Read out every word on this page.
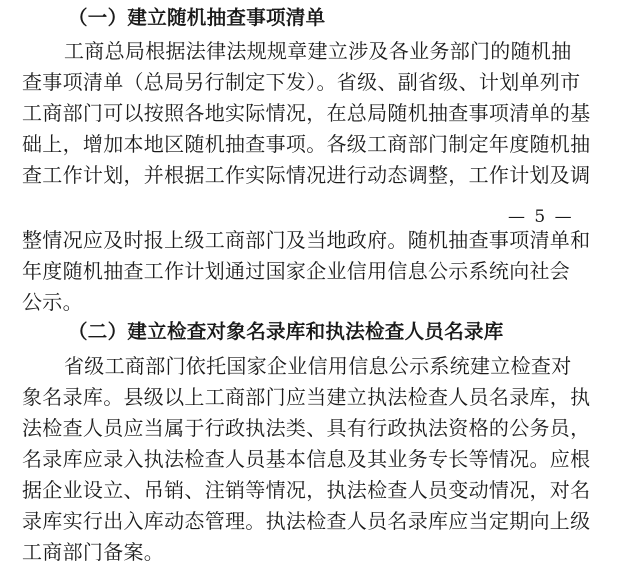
（一）建立随机抽查事项清单
工商总局根据法律法规规章建立涉及各业务部门的随机抽
查事项清单（总局另行制定下发）。省级、副省级、计划单列市
工商部门可以按照各地实际情况，在总局随机抽查事项清单的基
础上，增加本地区随机抽查事项。各级工商部门制定年度随机抽
查工作计划，并根据工作实际情况进行动态调整，工作计划及调
— 5 —
整情况应及时报上级工商部门及当地政府。随机抽查事项清单和
年度随机抽查工作计划通过国家企业信用信息公示系统向社会
公示。
（二）建立检查对象名录库和执法检查人员名录库
省级工商部门依托国家企业信用信息公示系统建立检查对
象名录库。县级以上工商部门应当建立执法检查人员名录库，执
法检查人员应当属于行政执法类、具有行政执法资格的公务员，
名录库应录入执法检查人员基本信息及其业务专长等情况。应根
据企业设立、吊销、注销等情况，执法检查人员变动情况，对名
录库实行出入库动态管理。执法检查人员名录库应当定期向上级
工商部门备案。
